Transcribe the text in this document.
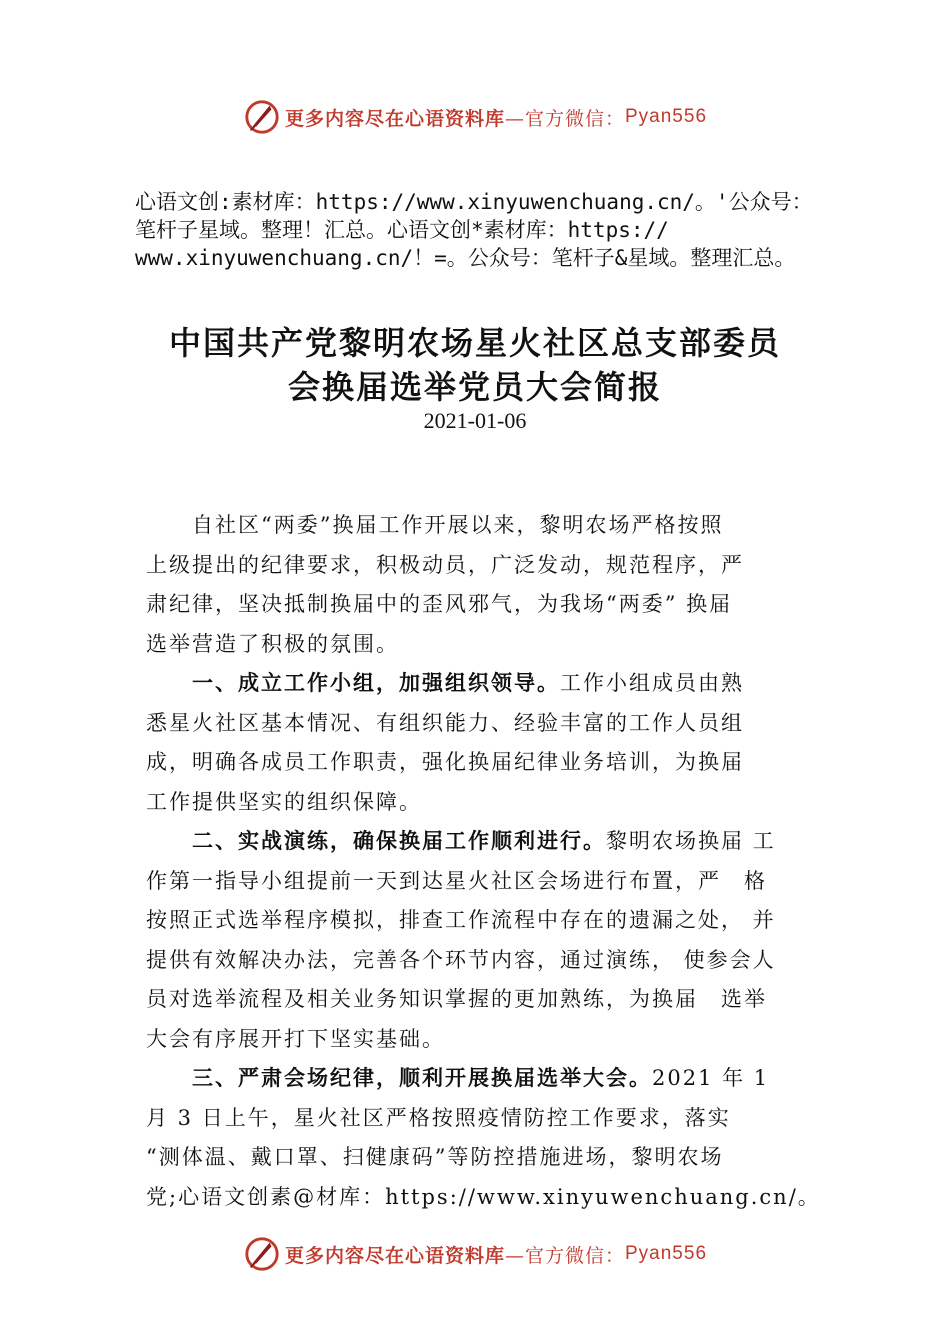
更多内容尽在心语资料库 —官方微信： Pyan556
心语文创:素材库：https://www.xinyuwenchuang.cn/。'公众号：
笔杆子星域。整理！汇总。心语文创*素材库：https://
www.xinyuwenchuang.cn/！=。公众号：笔杆子&星域。整理汇总。
中国共产党黎明农场星火社区总支部委员
会换届选举党员大会简报
2021-01-06
　　自社区“两委”换届工作开展以来，黎明农场严格按照
上级提出的纪律要求，积极动员，广泛发动，规范程序，严
肃纪律，坚决抵制换届中的歪风邪气，为我场“两委” 换届
选举营造了积极的氛围。
　　一、成立工作小组，加强组织领导。工作小组成员由熟
悉星火社区基本情况、有组织能力、经验丰富的工作人员组
成，明确各成员工作职责，强化换届纪律业务培训，为换届
工作提供坚实的组织保障。
　　二、实战演练，确保换届工作顺利进行。黎明农场换届 工
作第一指导小组提前一天到达星火社区会场进行布置，严　格
按照正式选举程序模拟，排查工作流程中存在的遗漏之处， 并
提供有效解决办法，完善各个环节内容，通过演练， 使参会人
员对选举流程及相关业务知识掌握的更加熟练，为换届　选举
大会有序展开打下坚实基础。
　　三、严肃会场纪律，顺利开展换届选举大会。2021 年 1
月 3 日上午，星火社区严格按照疫情防控工作要求，落实
“测体温、戴口罩、扫健康码”等防控措施进场，黎明农场
党;心语文创素@材库：https://www.xinyuwenchuang.cn/。
更多内容尽在心语资料库 —官方微信： Pyan556
